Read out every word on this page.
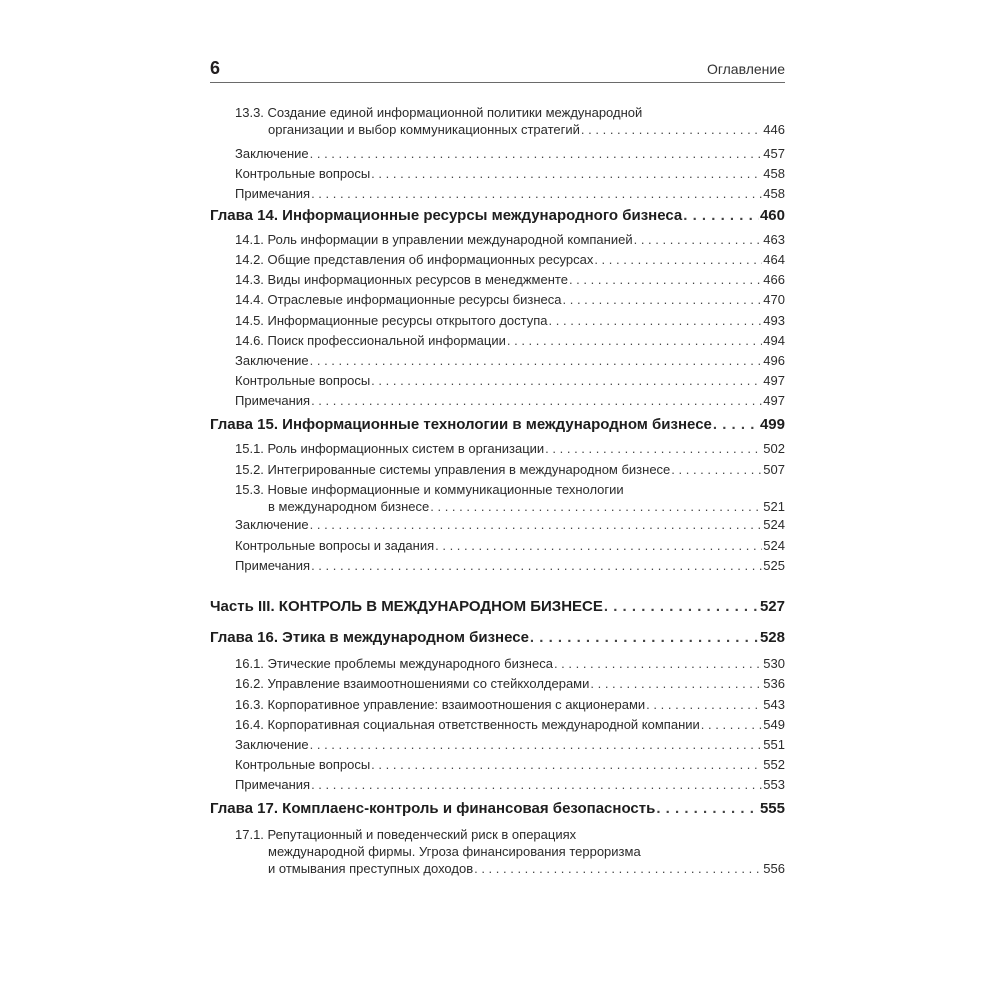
6	Оглавление
13.3. Создание единой информационной политики международной
организации и выбор коммуникационных стратегий . . .	446
Заключение . . .	457
Контрольные вопросы . . .	458
Примечания . . .	458
Глава 14. Информационные ресурсы международного бизнеса . . .	460
14.1. Роль информации в управлении международной компанией . . .	463
14.2. Общие представления об информационных ресурсах . . .	464
14.3. Виды информационных ресурсов в менеджменте . . .	466
14.4. Отраслевые информационные ресурсы бизнеса . . .	470
14.5. Информационные ресурсы открытого доступа . . .	493
14.6. Поиск профессиональной информации . . .	494
Заключение . . .	496
Контрольные вопросы . . .	497
Примечания . . .	497
Глава 15. Информационные технологии в международном бизнесе . . .	499
15.1. Роль информационных систем в организации . . .	502
15.2. Интегрированные системы управления в международном бизнесе . . .	507
15.3. Новые информационные и коммуникационные технологии
в международном бизнесе . . .	521
Заключение . . .	524
Контрольные вопросы и задания . . .	524
Примечания . . .	525
Часть III. КОНТРОЛЬ В МЕЖДУНАРОДНОМ БИЗНЕСЕ . . .	527
Глава 16. Этика в международном бизнесе . . .	528
16.1. Этические проблемы международного бизнеса . . .	530
16.2. Управление взаимоотношениями со стейкхолдерами . . .	536
16.3. Корпоративное управление: взаимоотношения с акционерами . . .	543
16.4. Корпоративная социальная ответственность международной компании . . .	549
Заключение . . .	551
Контрольные вопросы . . .	552
Примечания . . .	553
Глава 17. Комплаенс-контроль и финансовая безопасность . . .	555
17.1. Репутационный и поведенческий риск в операциях
международной фирмы. Угроза финансирования терроризма
и отмывания преступных доходов . . .	556
